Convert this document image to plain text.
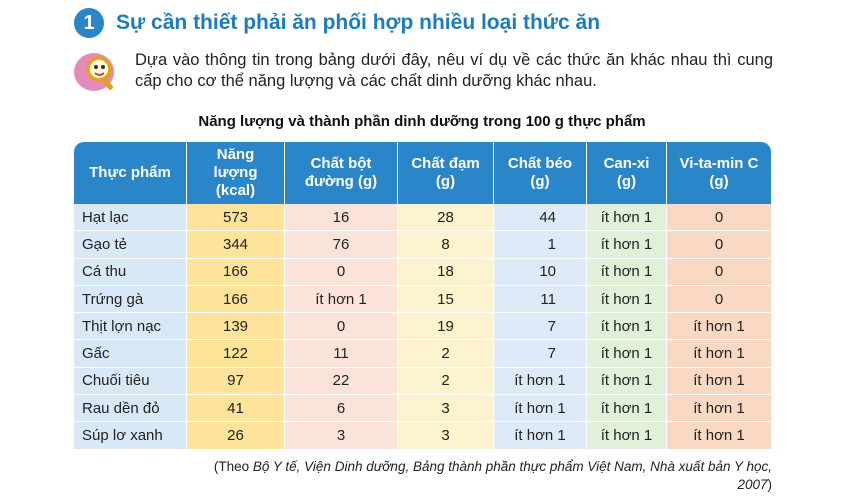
1	Sự cần thiết phải ăn phối hợp nhiều loại thức ăn
Dựa vào thông tin trong bảng dưới đây, nêu ví dụ về các thức ăn khác nhau thì cung cấp cho cơ thể năng lượng và các chất dinh dưỡng khác nhau.
Năng lượng và thành phần dinh dưỡng trong 100 g thực phẩm
Thực phẩm	Năng lượng (kcal)	Chất bột đường (g)	Chất đạm (g)	Chất béo (g)	Can-xi (g)	Vi-ta-min C (g)

Hạt lạc	573	16	28	44	ít hơn 1	0
Gạo tẻ	344	76	8	1	ít hơn 1	0
Cá thu	166	0	18	10	ít hơn 1	0
Trứng gà	166	ít hơn 1	15	11	ít hơn 1	0
Thịt lợn nạc	139	0	19	7	ít hơn 1	ít hơn 1
Gấc	122	11	2	7	ít hơn 1	ít hơn 1
Chuối tiêu	97	22	2	ít hơn 1	ít hơn 1	ít hơn 1
Rau dền đỏ	41	6	3	ít hơn 1	ít hơn 1	ít hơn 1
Súp lơ xanh	26	3	3	ít hơn 1	ít hơn 1	ít hơn 1
(Theo Bộ Y tế, Viện Dinh dưỡng, Bảng thành phần thực phẩm Việt Nam, Nhà xuất bản Y học, 2007)
